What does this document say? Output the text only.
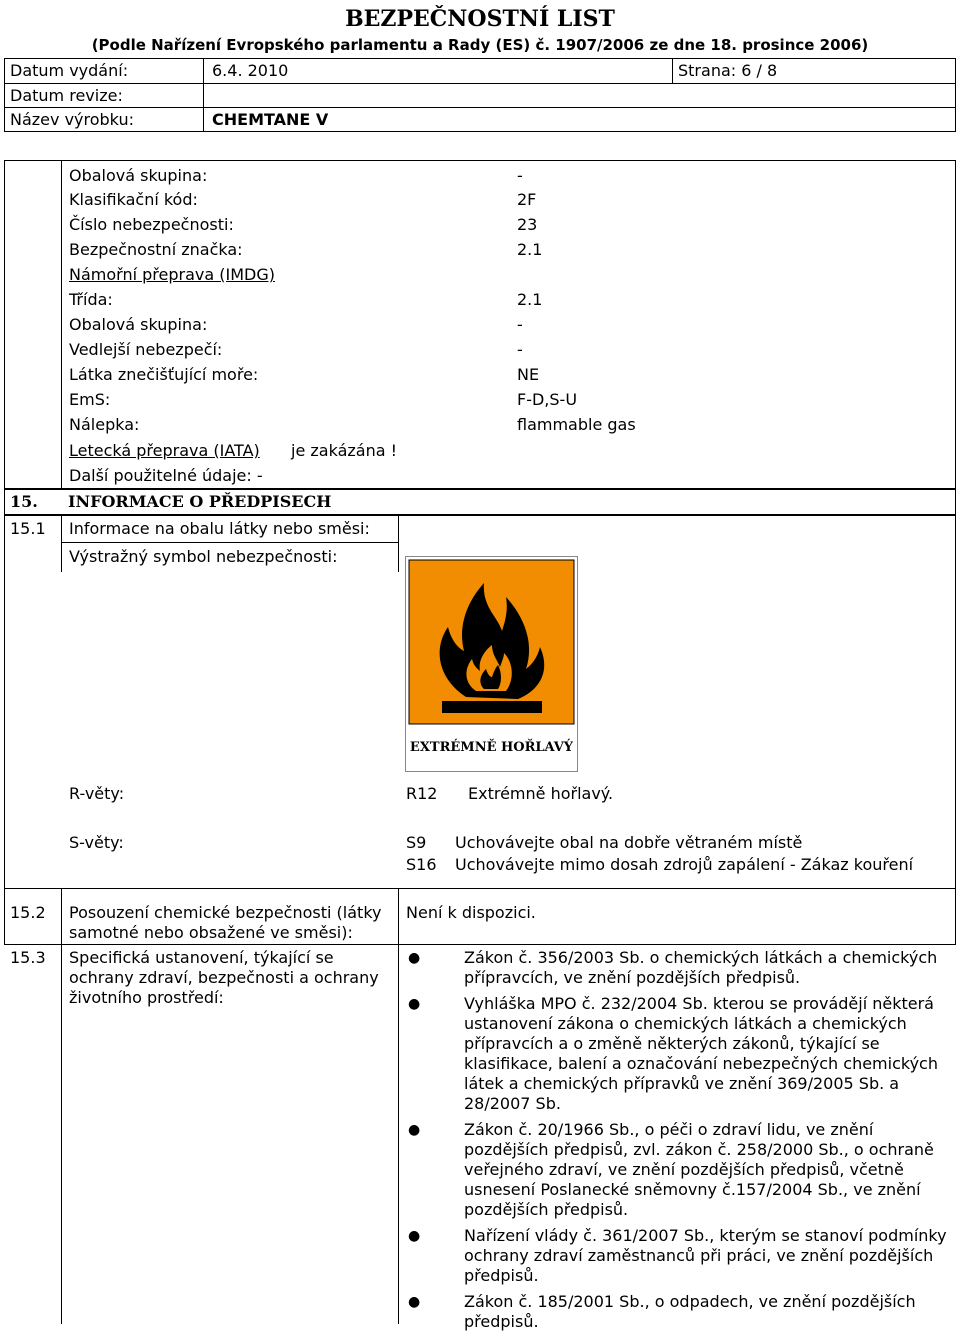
BEZPEČNOSTNÍ LIST
(Podle Nařízení Evropského parlamentu a Rady (ES) č. 1907/2006 ze dne 18. prosince 2006)
Datum vydání:	6.4. 2010	Strana: 6 / 8
Datum revize:
Název výrobku:	CHEMTANE V
Obalová skupina:	-
Klasifikační kód:	2F
Číslo nebezpečnosti:	23
Bezpečnostní značka:	2.1
Námořní přeprava (IMDG)
Třída:	2.1
Obalová skupina:	-
Vedlejší nebezpečí:	-
Látka znečišťující moře:	NE
EmS:	F-D,S-U
Nálepka:	flammable gas
Letecká přeprava (IATA) je zakázána !
Další použitelné údaje: -
15. INFORMACE O PŘEDPISECH
15.1 Informace na obalu látky nebo směsi:
Výstražný symbol nebezpečnosti:
EXTRÉMNĚ HOŘLAVÝ
R-věty:	R12 Extrémně hořlavý.
S-věty:	S9 Uchovávejte obal na dobře větraném místě
S16 Uchovávejte mimo dosah zdrojů zapálení - Zákaz kouření
15.2 Posouzení chemické bezpečnosti (látky
samotné nebo obsažené ve směsi):
Není k dispozici.
15.3 Specifická ustanovení, týkající se
ochrany zdraví, bezpečnosti a ochrany
životního prostředí:
●	Zákon č. 356/2003 Sb. o chemických látkách a chemických přípravcích, ve znění pozdějších předpisů.
●	Vyhláška MPO č. 232/2004 Sb. kterou se provádějí některá ustanovení zákona o chemických látkách a chemických přípravcích a o změně některých zákonů, týkající se klasifikace, balení a označování nebezpečných chemických látek a chemických přípravků ve znění 369/2005 Sb. a 28/2007 Sb.
●	Zákon č. 20/1966 Sb., o péči o zdraví lidu, ve znění pozdějších předpisů, zvl. zákon č. 258/2000 Sb., o ochraně veřejného zdraví, ve znění pozdějších předpisů, včetně usnesení Poslanecké sněmovny č.157/2004 Sb., ve znění pozdějších předpisů.
●	Nařízení vlády č. 361/2007 Sb., kterým se stanoví podmínky ochrany zdraví zaměstnanců při práci, ve znění pozdějších předpisů.
●	Zákon č. 185/2001 Sb., o odpadech, ve znění pozdějších předpisů.
